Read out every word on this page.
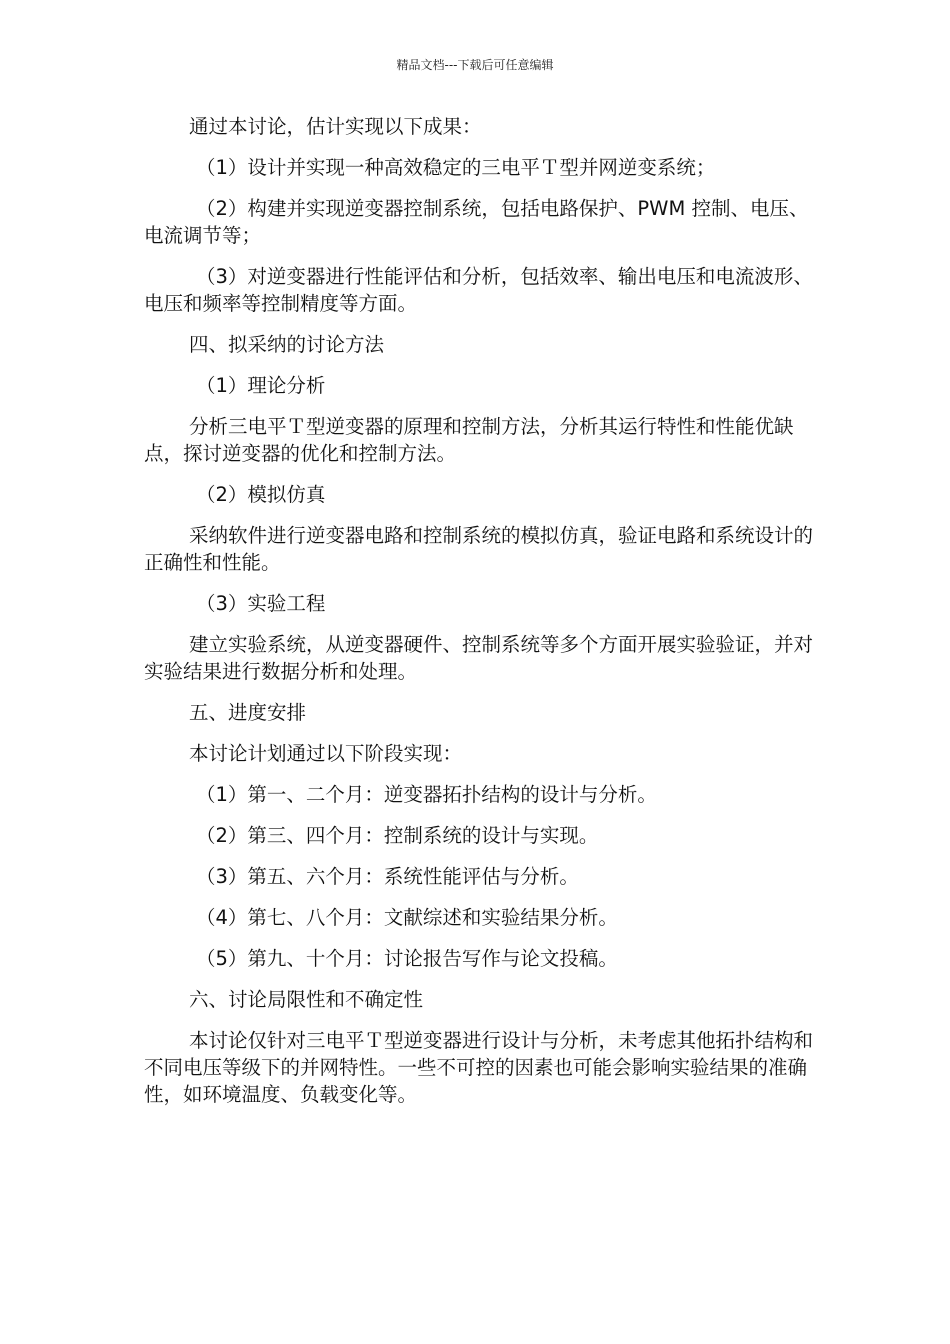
精品文档---下载后可任意编辑

通过本讨论，估计实现以下成果：

（1）设计并实现一种高效稳定的三电平Ｔ型并网逆变系统；

（2）构建并实现逆变器控制系统，包括电路保护、PWM 控制、电压、电流调节等；

（3）对逆变器进行性能评估和分析，包括效率、输出电压和电流波形、电压和频率等控制精度等方面。

四、拟采纳的讨论方法

（1）理论分析

分析三电平Ｔ型逆变器的原理和控制方法，分析其运行特性和性能优缺点，探讨逆变器的优化和控制方法。

（2）模拟仿真

采纳软件进行逆变器电路和控制系统的模拟仿真，验证电路和系统设计的正确性和性能。

（3）实验工程

建立实验系统，从逆变器硬件、控制系统等多个方面开展实验验证，并对实验结果进行数据分析和处理。

五、进度安排

本讨论计划通过以下阶段实现：

（1）第一、二个月：逆变器拓扑结构的设计与分析。

（2）第三、四个月：控制系统的设计与实现。

（3）第五、六个月：系统性能评估与分析。

（4）第七、八个月：文献综述和实验结果分析。

（5）第九、十个月：讨论报告写作与论文投稿。

六、讨论局限性和不确定性

本讨论仅针对三电平Ｔ型逆变器进行设计与分析，未考虑其他拓扑结构和不同电压等级下的并网特性。一些不可控的因素也可能会影响实验结果的准确性，如环境温度、负载变化等。
